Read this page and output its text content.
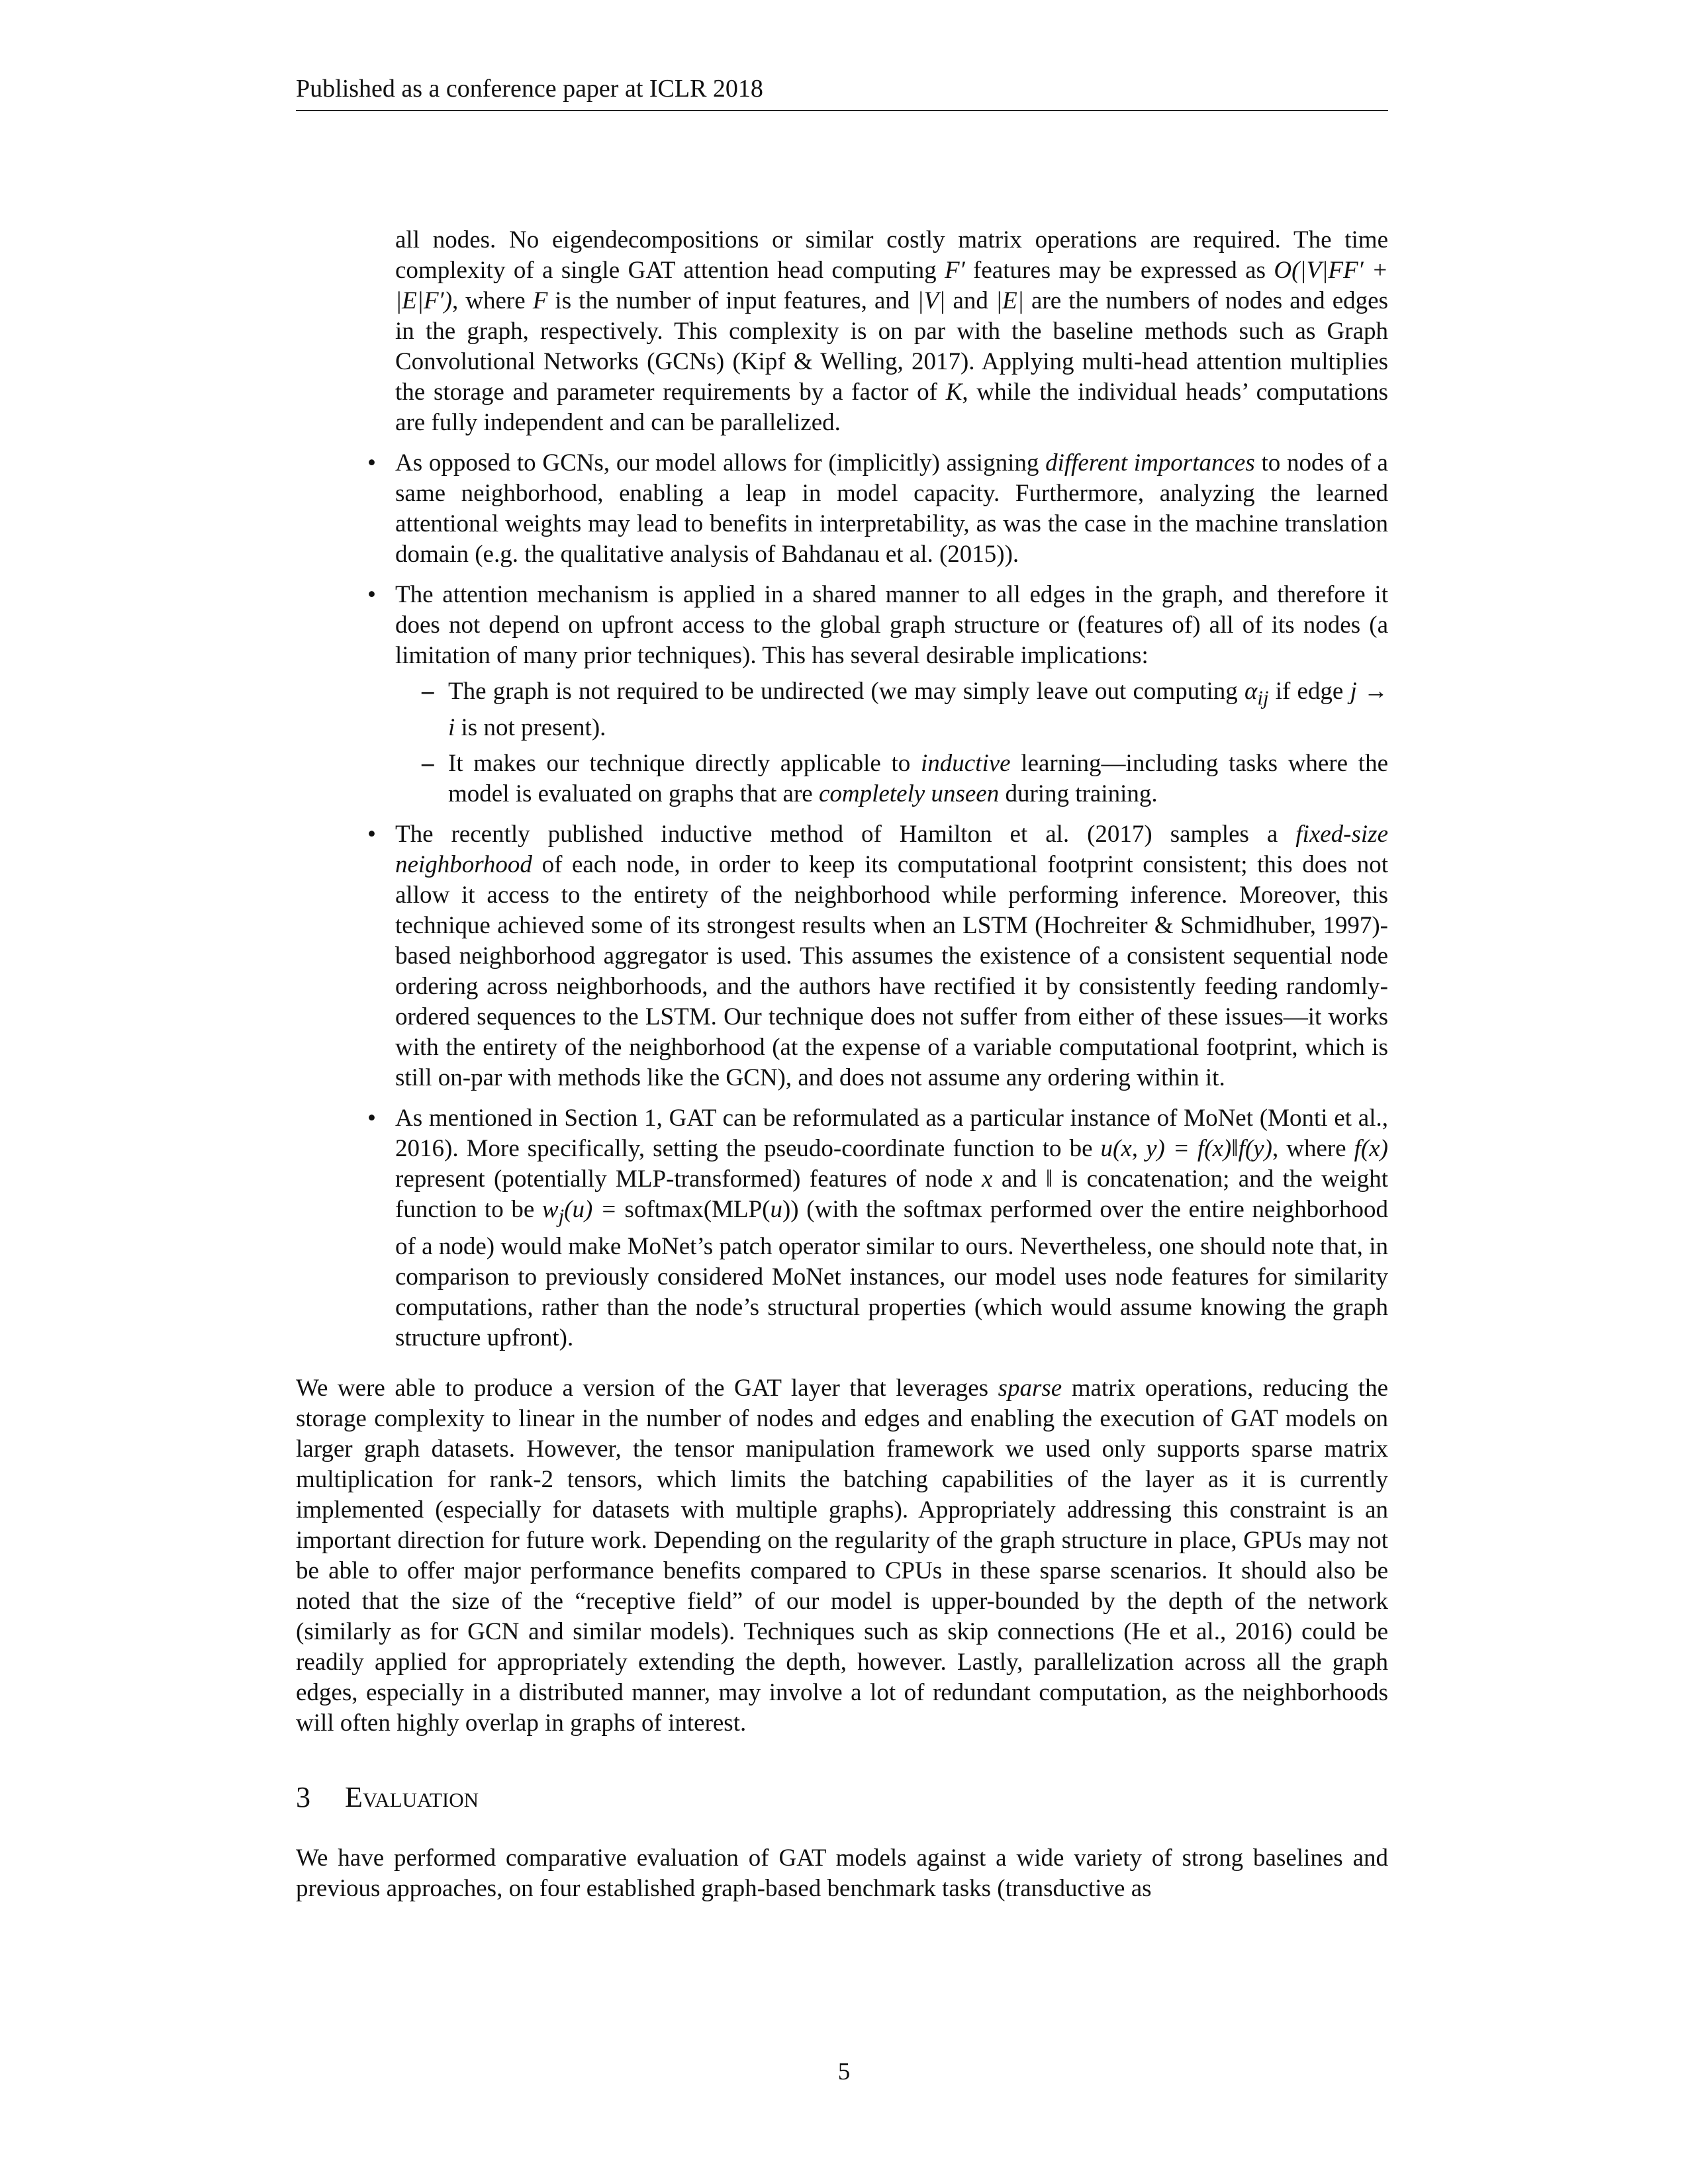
Published as a conference paper at ICLR 2018

all nodes. No eigendecompositions or similar costly matrix operations are required. The time complexity of a single GAT attention head computing F′ features may be expressed as O(|V|FF′ + |E|F′), where F is the number of input features, and |V| and |E| are the numbers of nodes and edges in the graph, respectively. This complexity is on par with the baseline methods such as Graph Convolutional Networks (GCNs) (Kipf & Welling, 2017). Applying multi-head attention multiplies the storage and parameter requirements by a factor of K, while the individual heads’ computations are fully independent and can be parallelized.

• As opposed to GCNs, our model allows for (implicitly) assigning different importances to nodes of a same neighborhood, enabling a leap in model capacity. Furthermore, analyzing the learned attentional weights may lead to benefits in interpretability, as was the case in the machine translation domain (e.g. the qualitative analysis of Bahdanau et al. (2015)).

• The attention mechanism is applied in a shared manner to all edges in the graph, and therefore it does not depend on upfront access to the global graph structure or (features of) all of its nodes (a limitation of many prior techniques). This has several desirable implications:

– The graph is not required to be undirected (we may simply leave out computing $\alpha_{ij}$ if edge j → i is not present).

– It makes our technique directly applicable to inductive learning—including tasks where the model is evaluated on graphs that are completely unseen during training.

• The recently published inductive method of Hamilton et al. (2017) samples a fixed-size neighborhood of each node, in order to keep its computational footprint consistent; this does not allow it access to the entirety of the neighborhood while performing inference. Moreover, this technique achieved some of its strongest results when an LSTM (Hochreiter & Schmidhuber, 1997)-based neighborhood aggregator is used. This assumes the existence of a consistent sequential node ordering across neighborhoods, and the authors have rectified it by consistently feeding randomly-ordered sequences to the LSTM. Our technique does not suffer from either of these issues—it works with the entirety of the neighborhood (at the expense of a variable computational footprint, which is still on-par with methods like the GCN), and does not assume any ordering within it.

• As mentioned in Section 1, GAT can be reformulated as a particular instance of MoNet (Monti et al., 2016). More specifically, setting the pseudo-coordinate function to be u(x, y) = f(x)‖f(y), where f(x) represent (potentially MLP-transformed) features of node x and ‖ is concatenation; and the weight function to be $w_j(u)$ = softmax(MLP(u)) (with the softmax performed over the entire neighborhood of a node) would make MoNet’s patch operator similar to ours. Nevertheless, one should note that, in comparison to previously considered MoNet instances, our model uses node features for similarity computations, rather than the node’s structural properties (which would assume knowing the graph structure upfront).

We were able to produce a version of the GAT layer that leverages sparse matrix operations, reducing the storage complexity to linear in the number of nodes and edges and enabling the execution of GAT models on larger graph datasets. However, the tensor manipulation framework we used only supports sparse matrix multiplication for rank-2 tensors, which limits the batching capabilities of the layer as it is currently implemented (especially for datasets with multiple graphs). Appropriately addressing this constraint is an important direction for future work. Depending on the regularity of the graph structure in place, GPUs may not be able to offer major performance benefits compared to CPUs in these sparse scenarios. It should also be noted that the size of the “receptive field” of our model is upper-bounded by the depth of the network (similarly as for GCN and similar models). Techniques such as skip connections (He et al., 2016) could be readily applied for appropriately extending the depth, however. Lastly, parallelization across all the graph edges, especially in a distributed manner, may involve a lot of redundant computation, as the neighborhoods will often highly overlap in graphs of interest.

3 Evaluation

We have performed comparative evaluation of GAT models against a wide variety of strong baselines and previous approaches, on four established graph-based benchmark tasks (transductive as

5
